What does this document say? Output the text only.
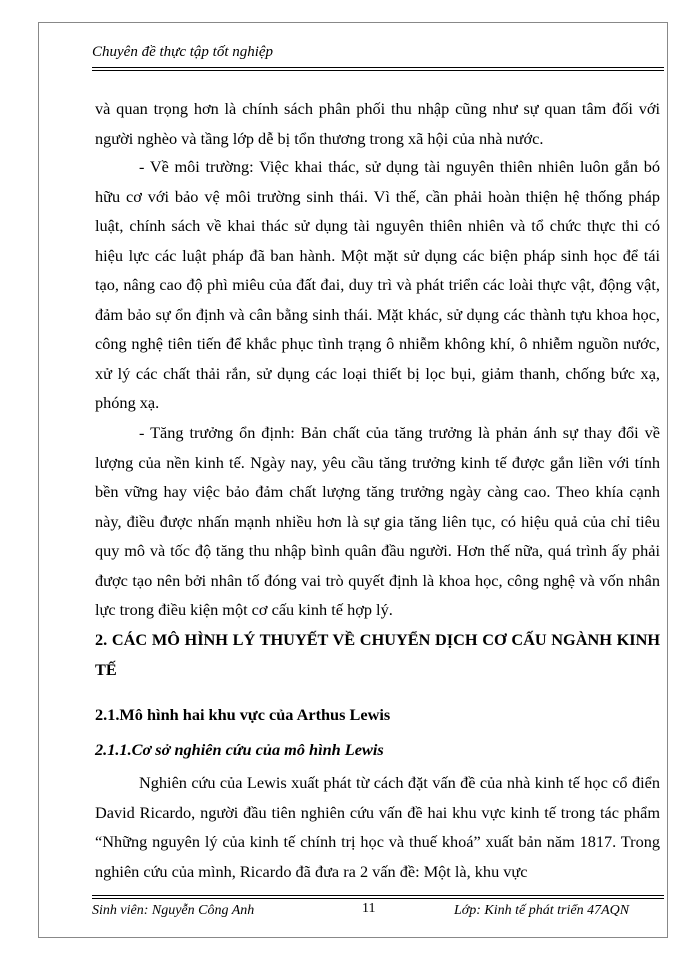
Chuyên đề thực tập tốt nghiệp

và quan trọng hơn là chính sách phân phối thu nhập cũng như sự quan tâm đối với người nghèo và tầng lớp dễ bị tổn thương trong xã hội của nhà nước.

- Về môi trường: Việc khai thác, sử dụng tài nguyên thiên nhiên luôn gắn bó hữu cơ với bảo vệ môi trường sinh thái. Vì thế, cần phải hoàn thiện hệ thống pháp luật, chính sách về khai thác sử dụng tài nguyên thiên nhiên và tổ chức thực thi có hiệu lực các luật pháp đã ban hành. Một mặt sử dụng các biện pháp sinh học để tái tạo, nâng cao độ phì miêu của đất đai, duy trì và phát triển các loài thực vật, động vật, đảm bảo sự ổn định và cân bằng sinh thái. Mặt khác, sử dụng các thành tựu khoa học, công nghệ tiên tiến để khắc phục tình trạng ô nhiễm không khí, ô nhiễm nguồn nước, xử lý các chất thải rắn, sử dụng các loại thiết bị lọc bụi, giảm thanh, chống bức xạ, phóng xạ.

- Tăng trưởng ổn định: Bản chất của tăng trưởng là phản ánh sự thay đổi về lượng của nền kinh tế. Ngày nay, yêu cầu tăng trưởng kinh tế được gắn liền với tính bền vững hay việc bảo đảm chất lượng tăng trưởng ngày càng cao. Theo khía cạnh này, điều được nhấn mạnh nhiều hơn là sự gia tăng liên tục, có hiệu quả của chỉ tiêu quy mô và tốc độ tăng thu nhập bình quân đầu người. Hơn thế nữa, quá trình ấy phải được tạo nên bởi nhân tố đóng vai trò quyết định là khoa học, công nghệ và vốn nhân lực trong điều kiện một cơ cấu kinh tế hợp lý.

2. CÁC MÔ HÌNH LÝ THUYẾT VỀ CHUYỂN DỊCH CƠ CẤU NGÀNH KINH TẾ

2.1.Mô hình hai khu vực của Arthus Lewis

2.1.1.Cơ sở nghiên cứu của mô hình Lewis

Nghiên cứu của Lewis xuất phát từ cách đặt vấn đề của nhà kinh tế học cổ điển David Ricardo, người đầu tiên nghiên cứu vấn đề hai khu vực kinh tế trong tác phẩm “Những nguyên lý của kinh tế chính trị học và thuế khoá” xuất bản năm 1817. Trong nghiên cứu của mình, Ricardo đã đưa ra 2 vấn đề: Một là, khu vực

Sinh viên: Nguyễn Công Anh	11	Lớp: Kinh tế phát triển 47AQN
